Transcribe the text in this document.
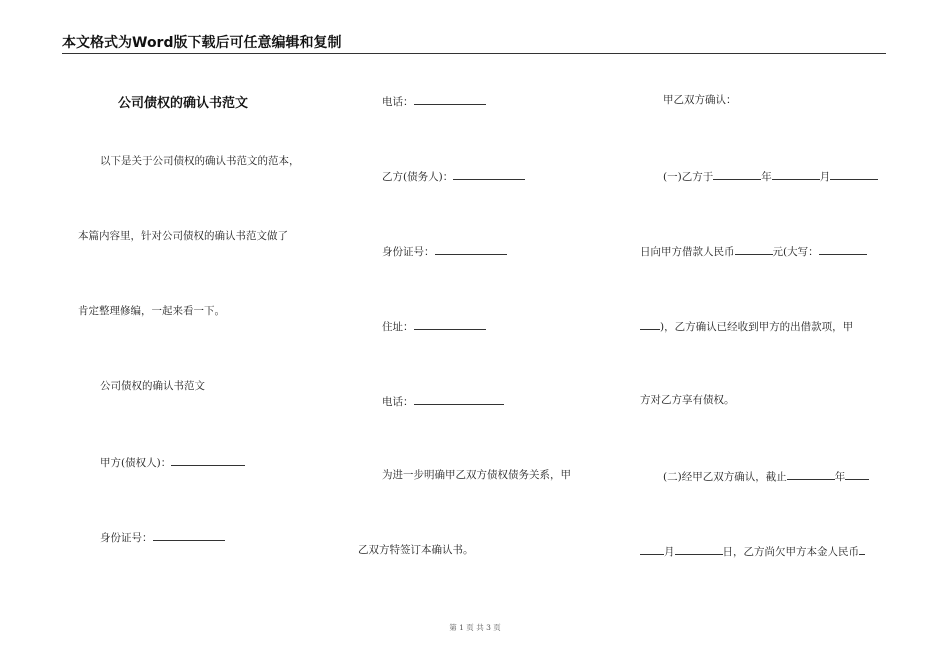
本文格式为Word版下载后可任意编辑和复制
公司债权的确认书范文
以下是关于公司债权的确认书范文的范本，
本篇内容里，针对公司债权的确认书范文做了
肯定整理修编，一起来看一下。
公司债权的确认书范文
甲方(债权人)：
身份证号：
电话：
乙方(债务人)：
身份证号：
住址：
电话：
为进一步明确甲乙双方债权债务关系，甲
乙双方特签订本确认书。
甲乙双方确认：
(一)乙方于	年	月
日向甲方借款人民币	元(大写：
)，乙方确认已经收到甲方的出借款项，甲
方对乙方享有债权。
(二)经甲乙双方确认，截止	年
月	日，乙方尚欠甲方本金人民币
第 1 页 共 3 页
